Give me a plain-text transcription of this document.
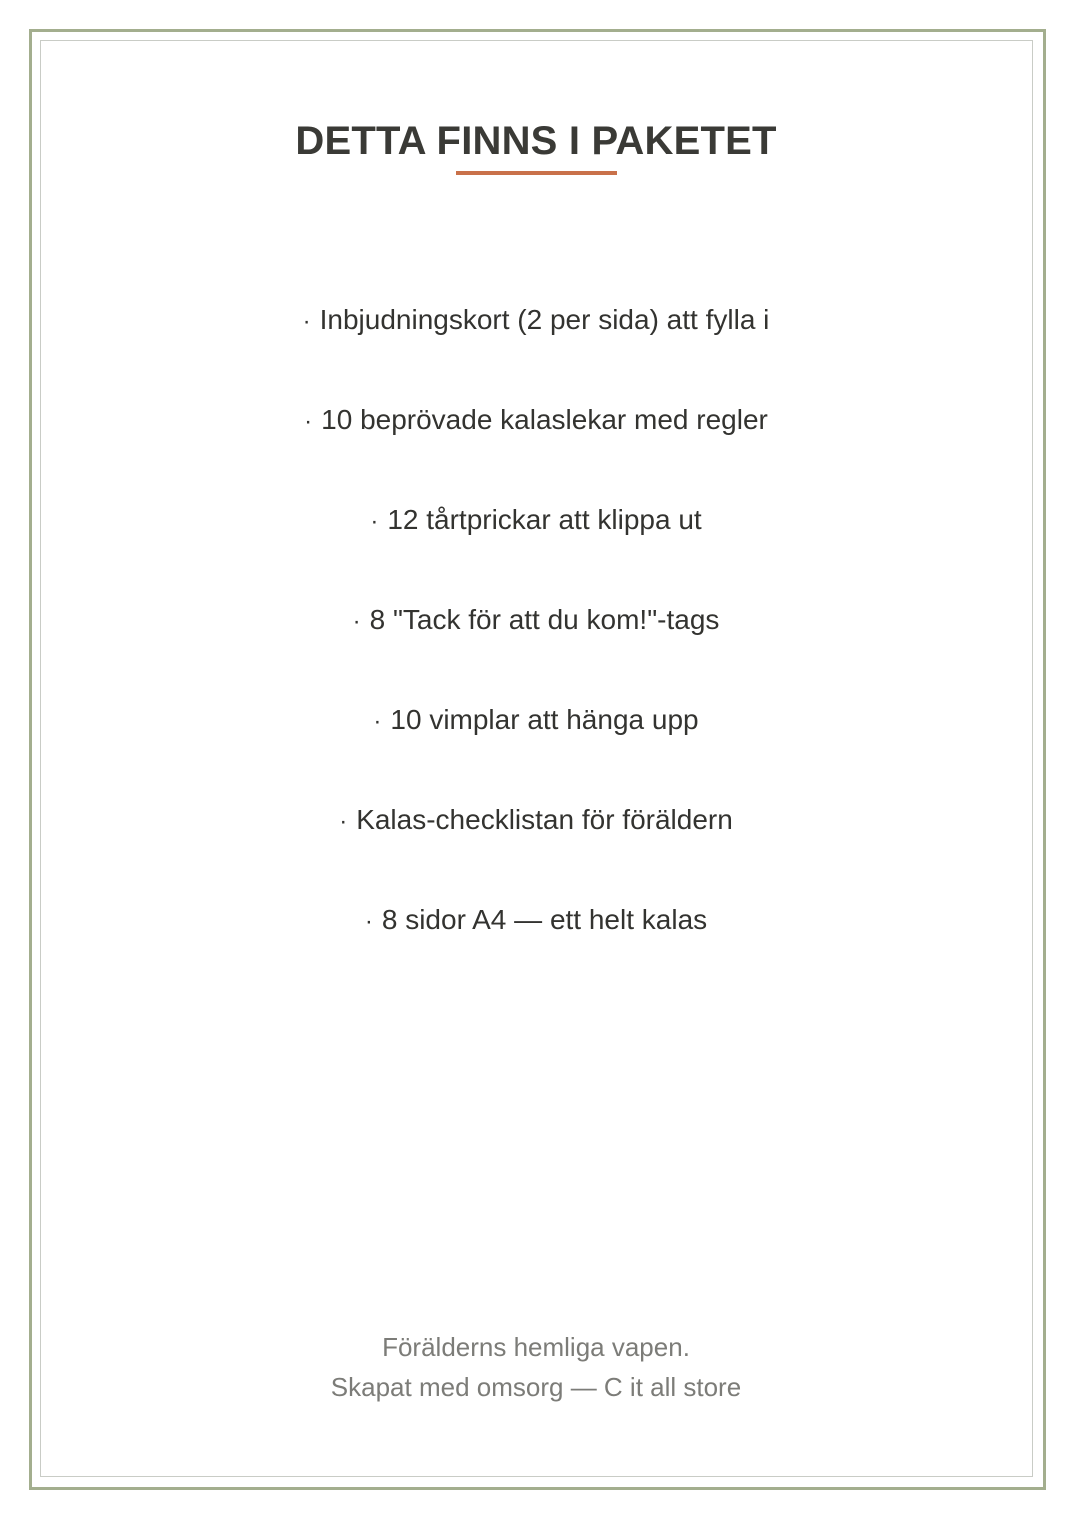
DETTA FINNS I PAKETET
· Inbjudningskort (2 per sida) att fylla i
· 10 beprövade kalaslekar med regler
· 12 tårtprickar att klippa ut
· 8 "Tack för att du kom!"-tags
· 10 vimplar att hänga upp
· Kalas-checklistan för föräldern
· 8 sidor A4 — ett helt kalas

Förälderns hemliga vapen.

Skapat med omsorg — C it all store
